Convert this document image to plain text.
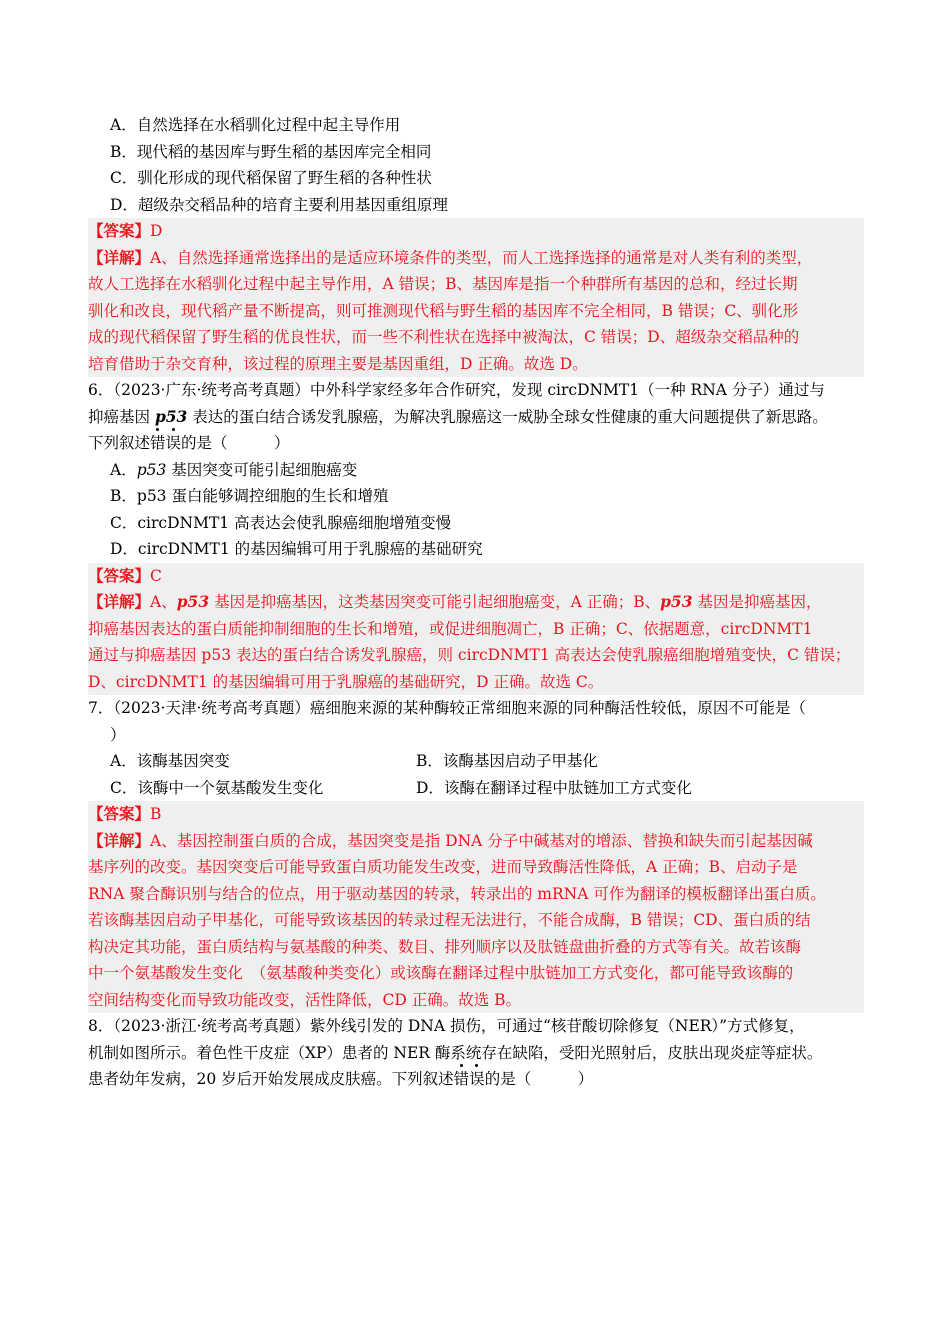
A．自然选择在水稻驯化过程中起主导作用
B．现代稻的基因库与野生稻的基因库完全相同
C．驯化形成的现代稻保留了野生稻的各种性状
D．超级杂交稻品种的培育主要利用基因重组原理
【答案】D
【详解】A、自然选择通常选择出的是适应环境条件的类型，而人工选择选择的通常是对人类有利的类型，
故人工选择在水稻驯化过程中起主导作用，A 错误；B、基因库是指一个种群所有基因的总和，经过长期
驯化和改良，现代稻产量不断提高，则可推测现代稻与野生稻的基因库不完全相同，B 错误；C、驯化形
成的现代稻保留了野生稻的优良性状，而一些不利性状在选择中被淘汰，C 错误；D、超级杂交稻品种的
培育借助于杂交育种，该过程的原理主要是基因重组，D 正确。故选 D。
6．（2023·广东·统考高考真题）中外科学家经多年合作研究，发现 circDNMT1（一种 RNA 分子）通过与
抑癌基因 p53 表达的蛋白结合诱发乳腺癌，为解决乳腺癌这一威胁全球女性健康的重大问题提供了新思路。
下列叙述错误的是（　　　）
A．p53 基因突变可能引起细胞癌变
B．p53 蛋白能够调控细胞的生长和增殖
C．circDNMT1 高表达会使乳腺癌细胞增殖变慢
D．circDNMT1 的基因编辑可用于乳腺癌的基础研究
【答案】C
【详解】A、p53 基因是抑癌基因，这类基因突变可能引起细胞癌变，A 正确；B、p53 基因是抑癌基因，
抑癌基因表达的蛋白质能抑制细胞的生长和增殖，或促进细胞凋亡，B 正确；C、依据题意，circDNMT1
通过与抑癌基因 p53 表达的蛋白结合诱发乳腺癌，则 circDNMT1 高表达会使乳腺癌细胞增殖变快，C 错误；
D、circDNMT1 的基因编辑可用于乳腺癌的基础研究，D 正确。故选 C。
7．（2023·天津·统考高考真题）癌细胞来源的某种酶较正常细胞来源的同种酶活性较低，原因不可能是（
）
A．该酶基因突变	B．该酶基因启动子甲基化
C．该酶中一个氨基酸发生变化	D．该酶在翻译过程中肽链加工方式变化
【答案】B
【详解】A、基因控制蛋白质的合成，基因突变是指 DNA 分子中碱基对的增添、替换和缺失而引起基因碱
基序列的改变。基因突变后可能导致蛋白质功能发生改变，进而导致酶活性降低，A 正确；B、启动子是
RNA 聚合酶识别与结合的位点，用于驱动基因的转录，转录出的 mRNA 可作为翻译的模板翻译出蛋白质。
若该酶基因启动子甲基化，可能导致该基因的转录过程无法进行，不能合成酶，B 错误；CD、蛋白质的结
构决定其功能，蛋白质结构与氨基酸的种类、数目、排列顺序以及肽链盘曲折叠的方式等有关。故若该酶
中一个氨基酸发生变化　（氨基酸种类变化）或该酶在翻译过程中肽链加工方式变化，都可能导致该酶的
空间结构变化而导致功能改变，活性降低，CD 正确。故选 B。
8．（2023·浙江·统考高考真题）紫外线引发的 DNA 损伤，可通过“核苷酸切除修复（NER）”方式修复，
机制如图所示。着色性干皮症（XP）患者的 NER 酶系统存在缺陷，受阳光照射后，皮肤出现炎症等症状。
患者幼年发病，20 岁后开始发展成皮肤癌。下列叙述错误的是（　　　）
